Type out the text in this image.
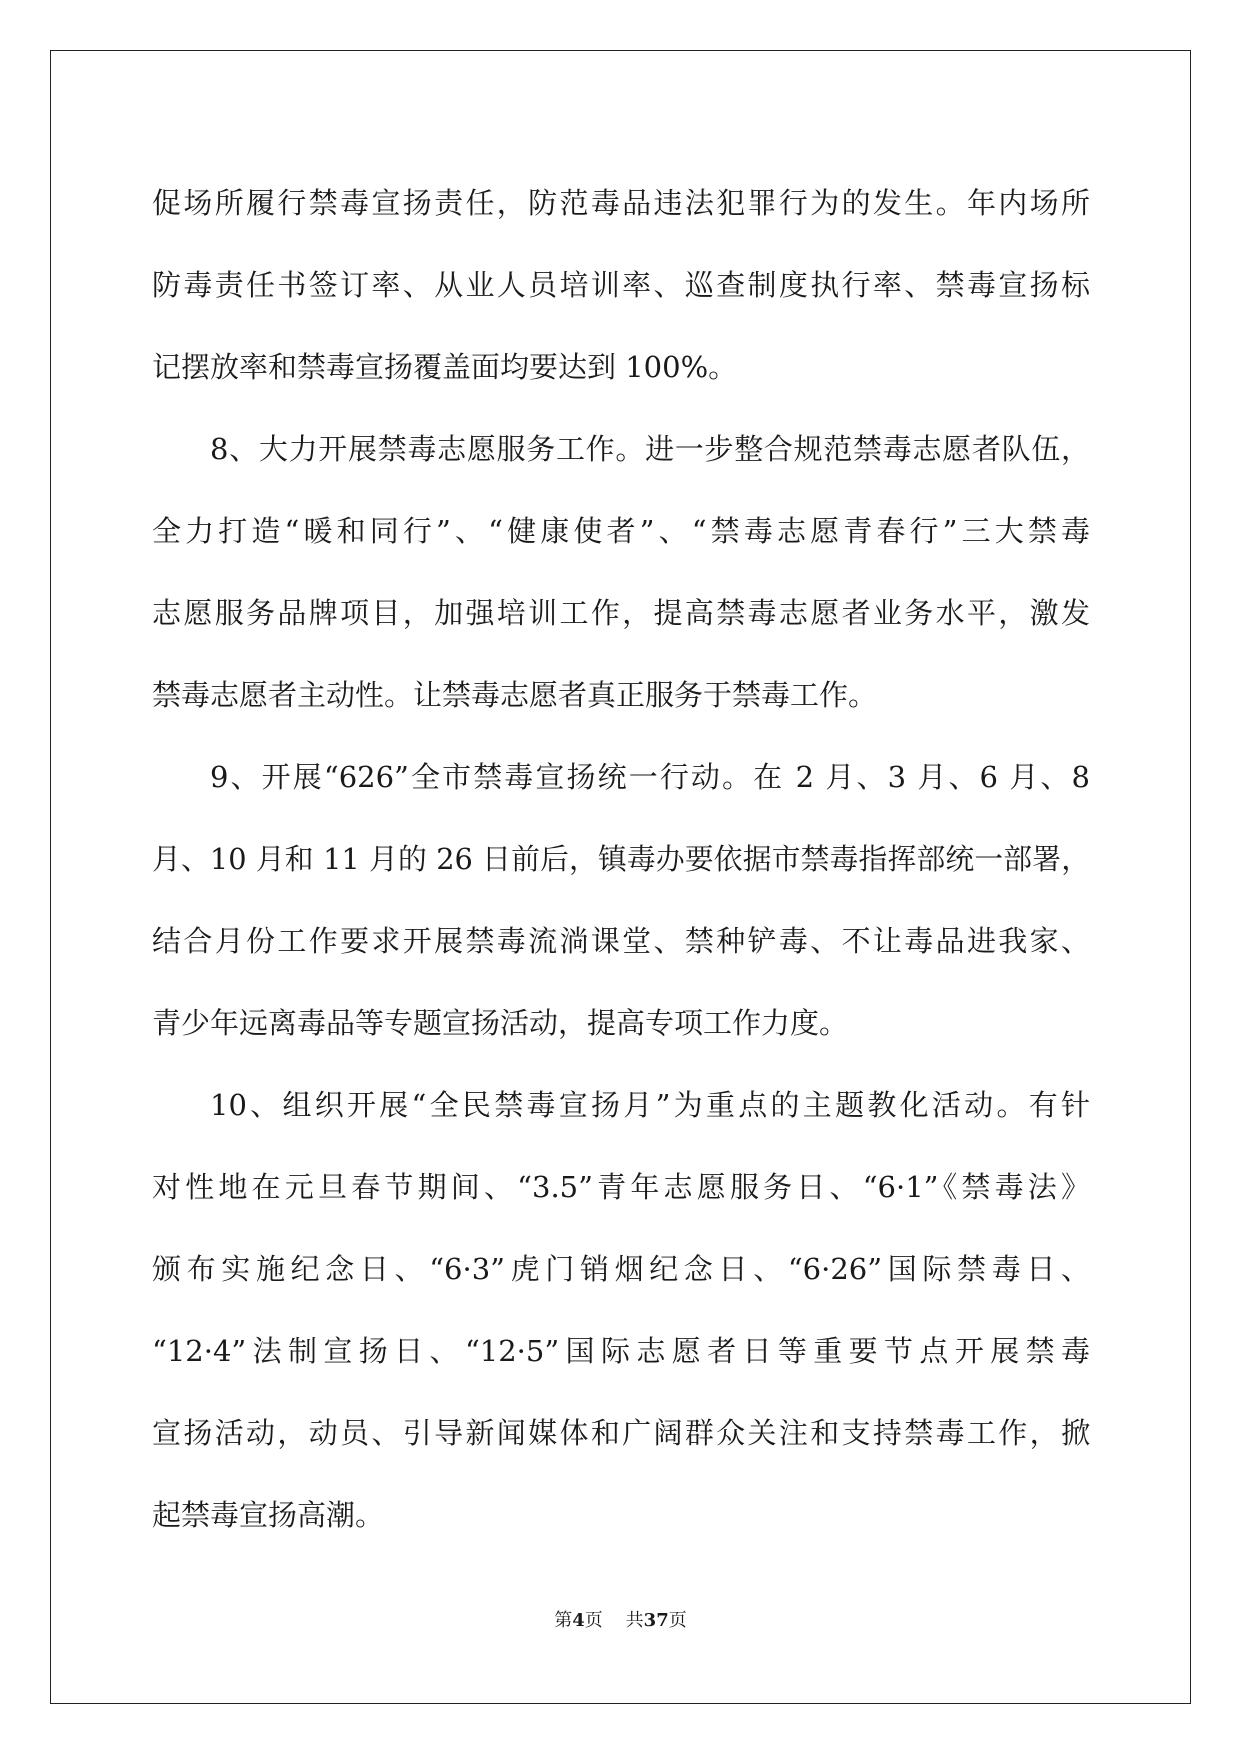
促场所履行禁毒宣扬责任，防范毒品违法犯罪行为的发生。年内场所
防毒责任书签订率、从业人员培训率、巡查制度执行率、禁毒宣扬标
记摆放率和禁毒宣扬覆盖面均要达到 100%。
8、大力开展禁毒志愿服务工作。进一步整合规范禁毒志愿者队伍，
全力打造“暖和同行”、“健康使者”、“禁毒志愿青春行”三大禁毒
志愿服务品牌项目，加强培训工作，提高禁毒志愿者业务水平，激发
禁毒志愿者主动性。让禁毒志愿者真正服务于禁毒工作。
9、开展“626”全市禁毒宣扬统一行动。在 2 月、3 月、6 月、8
月、10 月和 11 月的 26 日前后，镇毒办要依据市禁毒指挥部统一部署，
结合月份工作要求开展禁毒流淌课堂、禁种铲毒、不让毒品进我家、
青少年远离毒品等专题宣扬活动，提高专项工作力度。
10、组织开展“全民禁毒宣扬月”为重点的主题教化活动。有针
对性地在元旦春节期间、“3.5”青年志愿服务日、“6·1”《禁毒法》
颁布实施纪念日、“6·3”虎门销烟纪念日、“6·26”国际禁毒日、
“12·4”法制宣扬日、“12·5”国际志愿者日等重要节点开展禁毒
宣扬活动，动员、引导新闻媒体和广阔群众关注和支持禁毒工作，掀
起禁毒宣扬高潮。
第4页 共37页
